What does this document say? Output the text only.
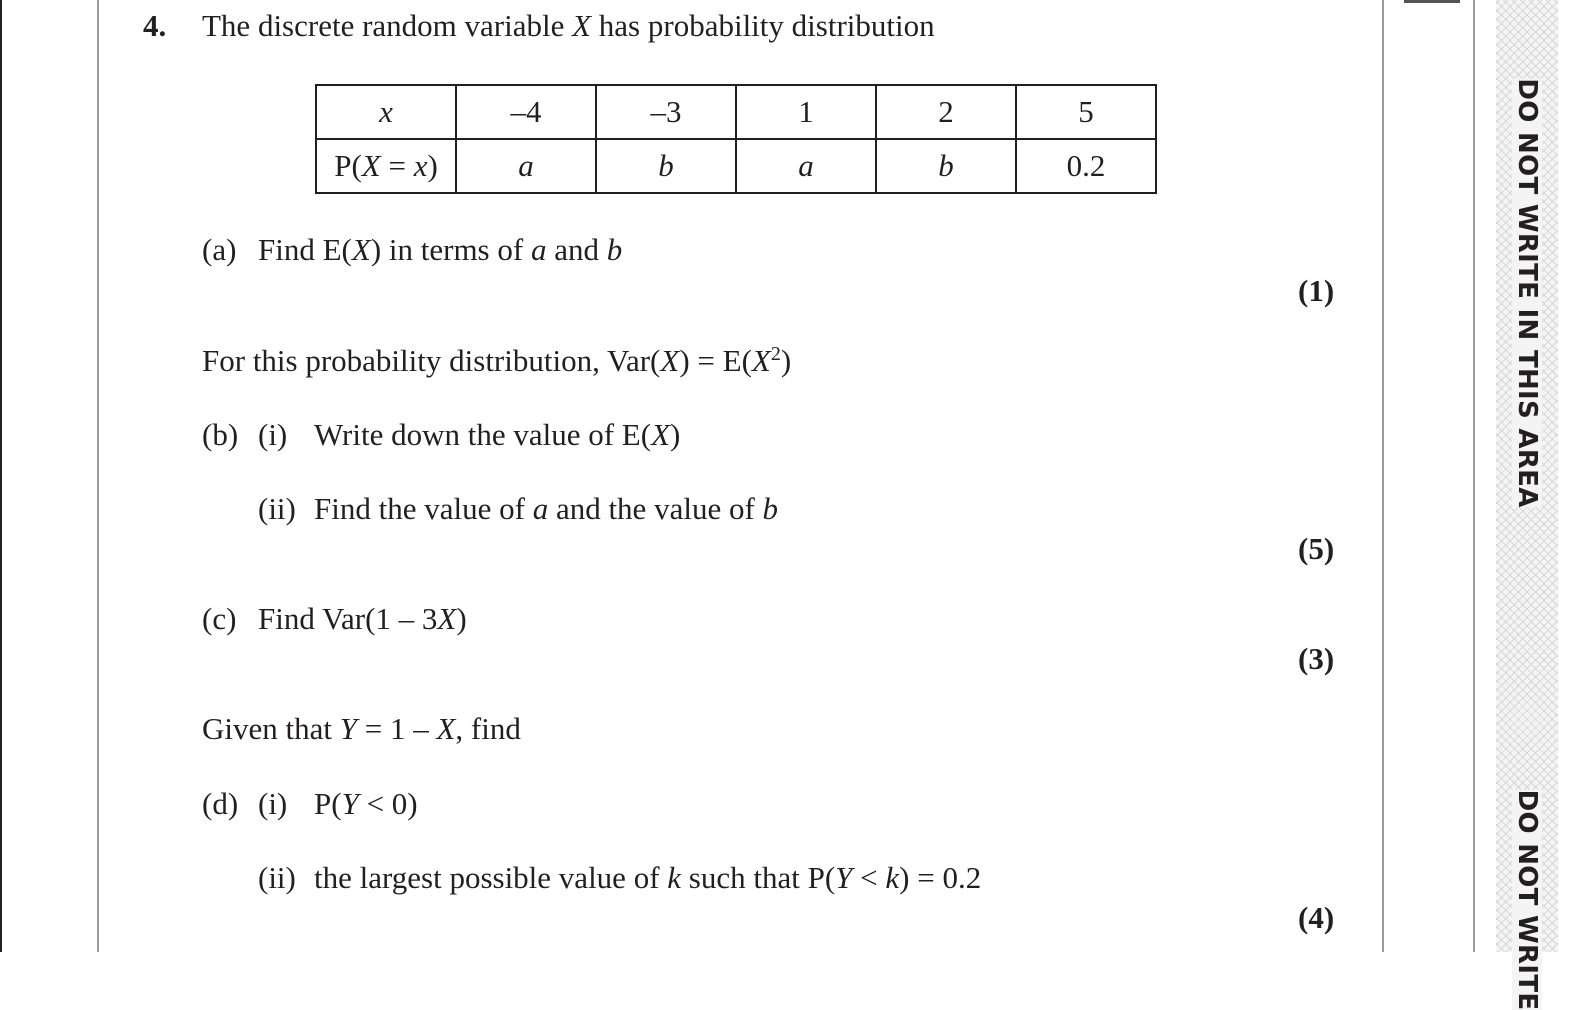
DO NOT WRITE IN THIS AREA
DO NOT WRITE
4. The discrete random variable X has probability distribution
x	–4	–3	1	2	5
P(X = x)	a	b	a	b	0.2
(a) Find E(X) in terms of a and b
(1)
For this probability distribution, $Var(X) = E(X^2)$
(b) (i) Write down the value of E(X)
(ii) Find the value of a and the value of b
(5)
(c) Find Var(1 – 3X)
(3)
Given that Y = 1 – X, find
(d) (i) P(Y < 0)
(ii) the largest possible value of k such that P(Y < k) = 0.2
(4)
